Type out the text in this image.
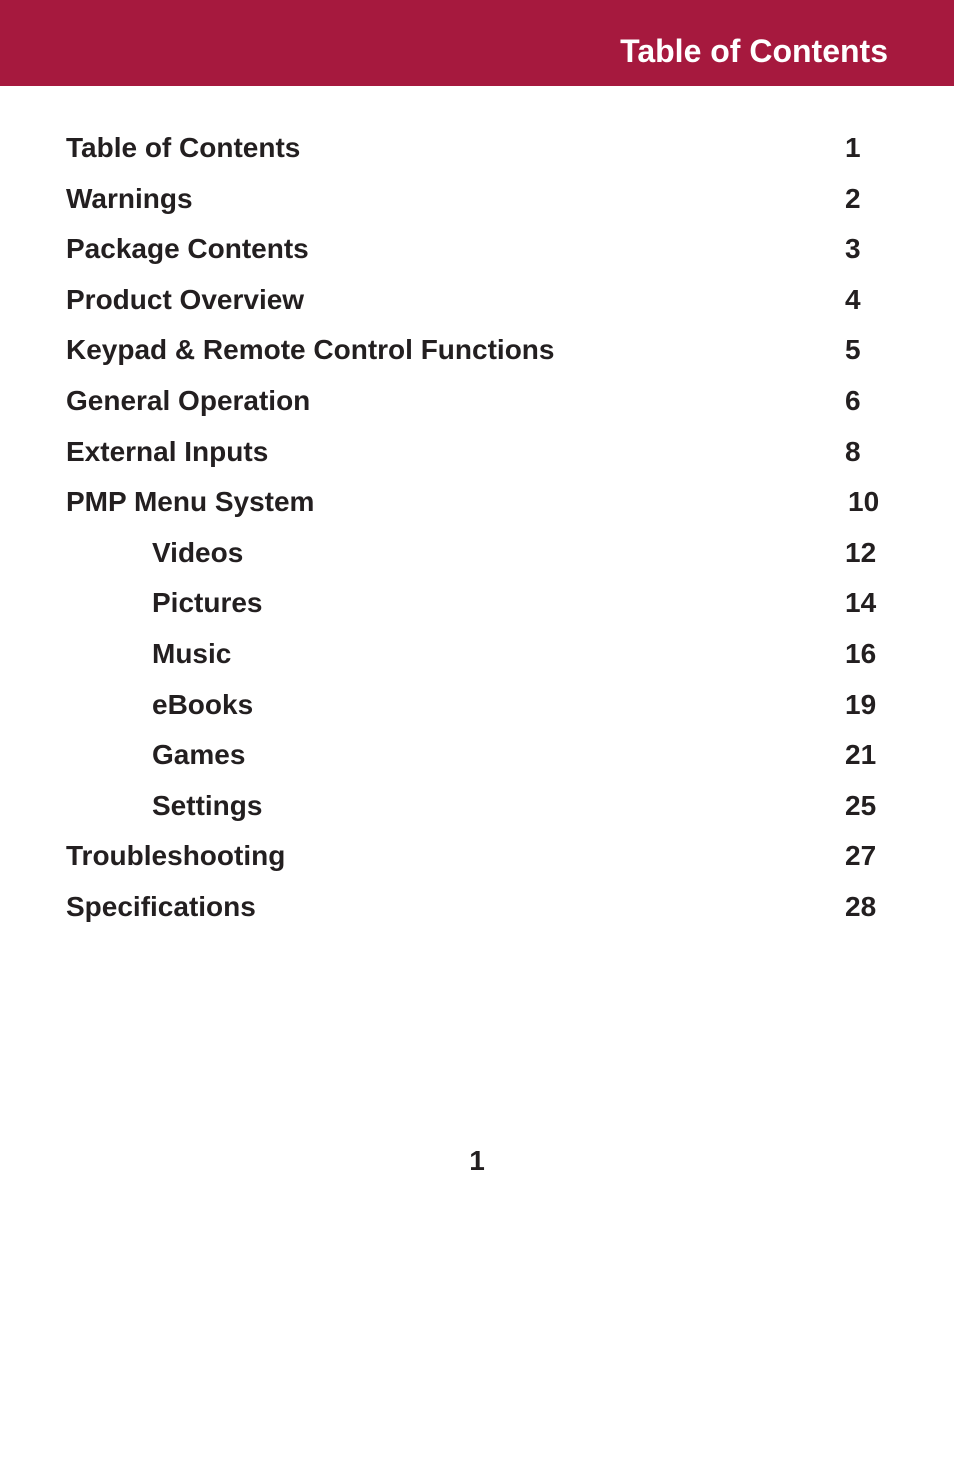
Table of Contents
Table of Contents	1
Warnings	2
Package Contents	3
Product Overview	4
Keypad & Remote Control Functions	5
General Operation	6
External Inputs	8
PMP Menu System	10
Videos	12
Pictures	14
Music	16
eBooks	19
Games	21
Settings	25
Troubleshooting	27
Specifications	28
1
